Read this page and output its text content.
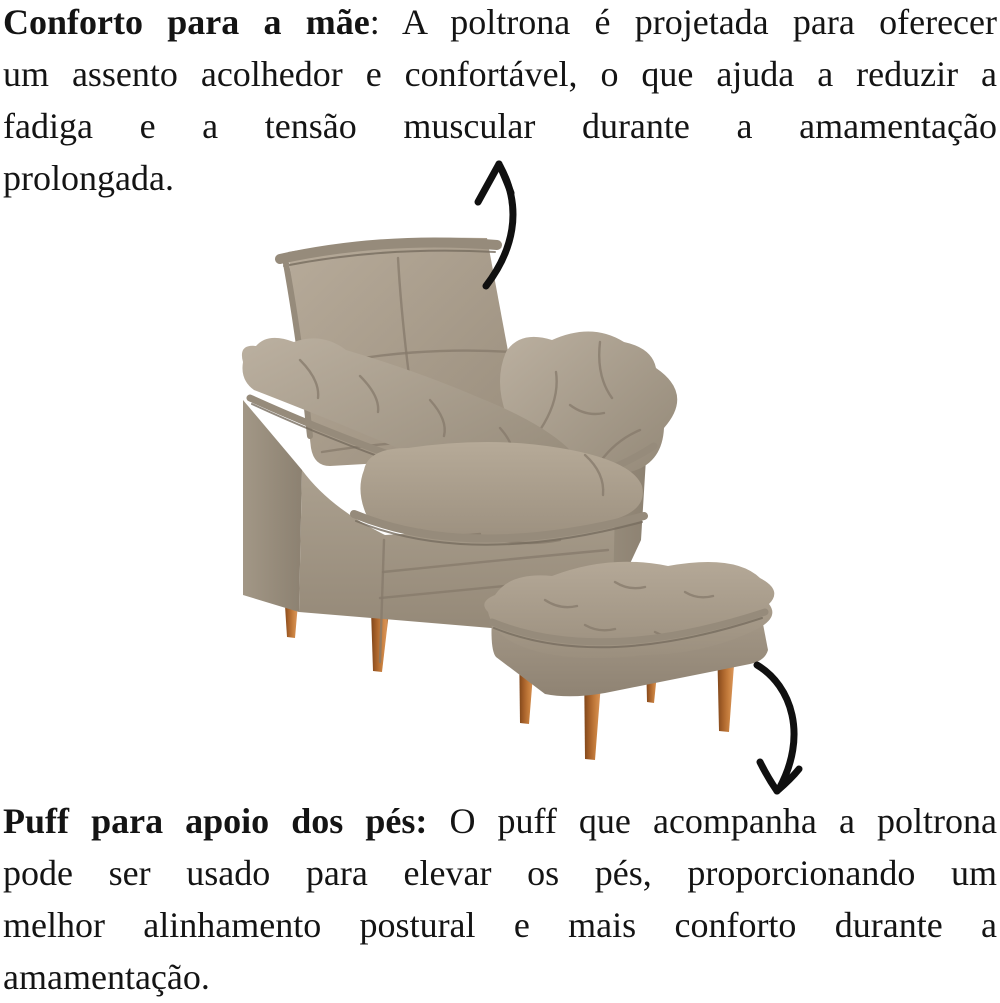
Conforto para a mãe: A poltrona é projetada para oferecer
um assento acolhedor e confortável, o que ajuda a reduzir a
fadiga e a tensão muscular durante a amamentação
prolongada.
Puff para apoio dos pés: O puff que acompanha a poltrona
pode ser usado para elevar os pés, proporcionando um
melhor alinhamento postural e mais conforto durante a
amamentação.
